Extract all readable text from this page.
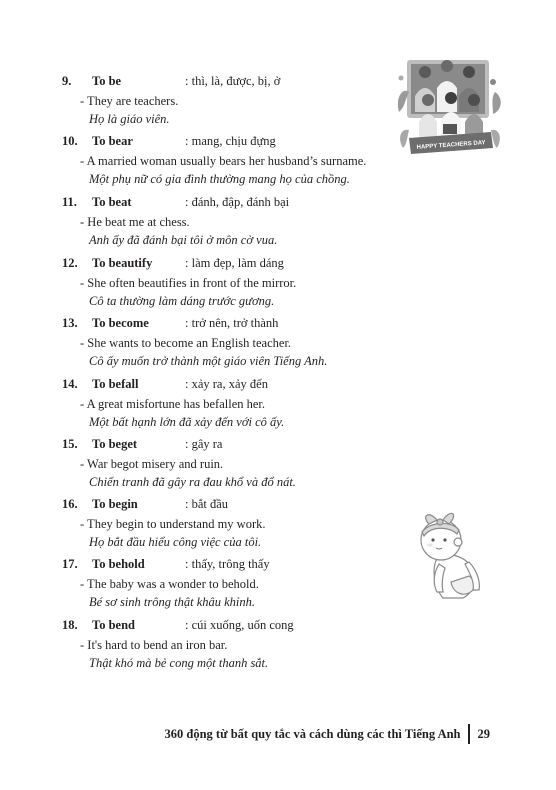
9. To be	: thì, là, được, bị, ở
- They are teachers.
Họ là giáo viên.
10. To bear	: mang, chịu đựng
- A married woman usually bears her husband’s surname.
Một phụ nữ có gia đình thường mang họ của chồng.
11. To beat	: đánh, đập, đánh bại
- He beat me at chess.
Anh ấy đã đánh bại tôi ở môn cờ vua.
12. To beautify	: làm đẹp, làm dáng
- She often beautifies in front of the mirror.
Cô ta thường làm dáng trước gương.
13. To become	: trở nên, trở thành
- She wants to become an English teacher.
Cô ấy muốn trở thành một giáo viên Tiếng Anh.
14. To befall	: xảy ra, xảy đến
- A great misfortune has befallen her.
Một bất hạnh lớn đã xảy đến với cô ấy.
15. To beget	: gây ra
- War begot misery and ruin.
Chiến tranh đã gây ra đau khổ và đổ nát.
16. To begin	: bắt đầu
- They begin to understand my work.
Họ bắt đầu hiểu công việc của tôi.
17. To behold	: thấy, trông thấy
- The baby was a wonder to behold.
Bé sơ sinh trông thật khâu khỉnh.
18. To bend	: cúi xuống, uốn cong
- It's hard to bend an iron bar.
Thật khó mà bẻ cong một thanh sắt.
HAPPY TEACHERS DAY
360 động từ bất quy tắc và cách dùng các thì Tiếng Anh 29
